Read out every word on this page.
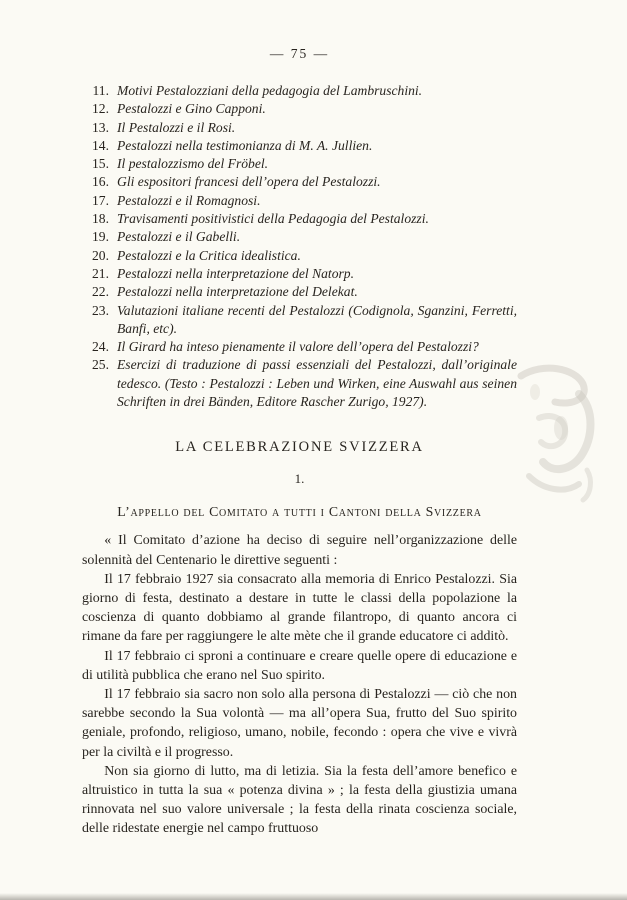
— 75 —
11. Motivi Pestalozziani della pedagogia del Lambruschini.
12. Pestalozzi e Gino Capponi.
13. Il Pestalozzi e il Rosi.
14. Pestalozzi nella testimonianza di M. A. Jullien.
15. Il pestalozzismo del Fröbel.
16. Gli espositori francesi dell’opera del Pestalozzi.
17. Pestalozzi e il Romagnosi.
18. Travisamenti positivistici della Pedagogia del Pestalozzi.
19. Pestalozzi e il Gabelli.
20. Pestalozzi e la Critica idealistica.
21. Pestalozzi nella interpretazione del Natorp.
22. Pestalozzi nella interpretazione del Delekat.
23. Valutazioni italiane recenti del Pestalozzi (Codignola, Sganzini, Ferretti, Banfi, etc).
24. Il Girard ha inteso pienamente il valore dell’opera del Pestalozzi?
25. Esercizi di traduzione di passi essenziali del Pestalozzi, dall’originale tedesco. (Testo : Pestalozzi : Leben und Wirken, eine Auswahl aus seinen Schriften in drei Bänden, Editore Rascher Zurigo, 1927).
LA CELEBRAZIONE SVIZZERA
1.
L’appello del Comitato a tutti i Cantoni della Svizzera

« Il Comitato d’azione ha deciso di seguire nell’organizzazione delle solennità del Centenario le direttive seguenti :

Il 17 febbraio 1927 sia consacrato alla memoria di Enrico Pestalozzi. Sia giorno di festa, destinato a destare in tutte le classi della popolazione la coscienza di quanto dobbiamo al grande filantropo, di quanto ancora ci rimane da fare per raggiungere le alte mète che il grande educatore ci additò.

Il 17 febbraio ci sproni a continuare e creare quelle opere di educazione e di utilità pubblica che erano nel Suo spirito.

Il 17 febbraio sia sacro non solo alla persona di Pestalozzi — ciò che non sarebbe secondo la Sua volontà — ma all’opera Sua, frutto del Suo spirito geniale, profondo, religioso, umano, nobile, fecondo : opera che vive e vivrà per la civiltà e il progresso.

Non sia giorno di lutto, ma di letizia. Sia la festa dell’amore benefico e altruistico in tutta la sua « potenza divina » ; la festa della giustizia umana rinnovata nel suo valore universale ; la festa della rinata coscienza sociale, delle ridestate energie nel campo fruttuoso
